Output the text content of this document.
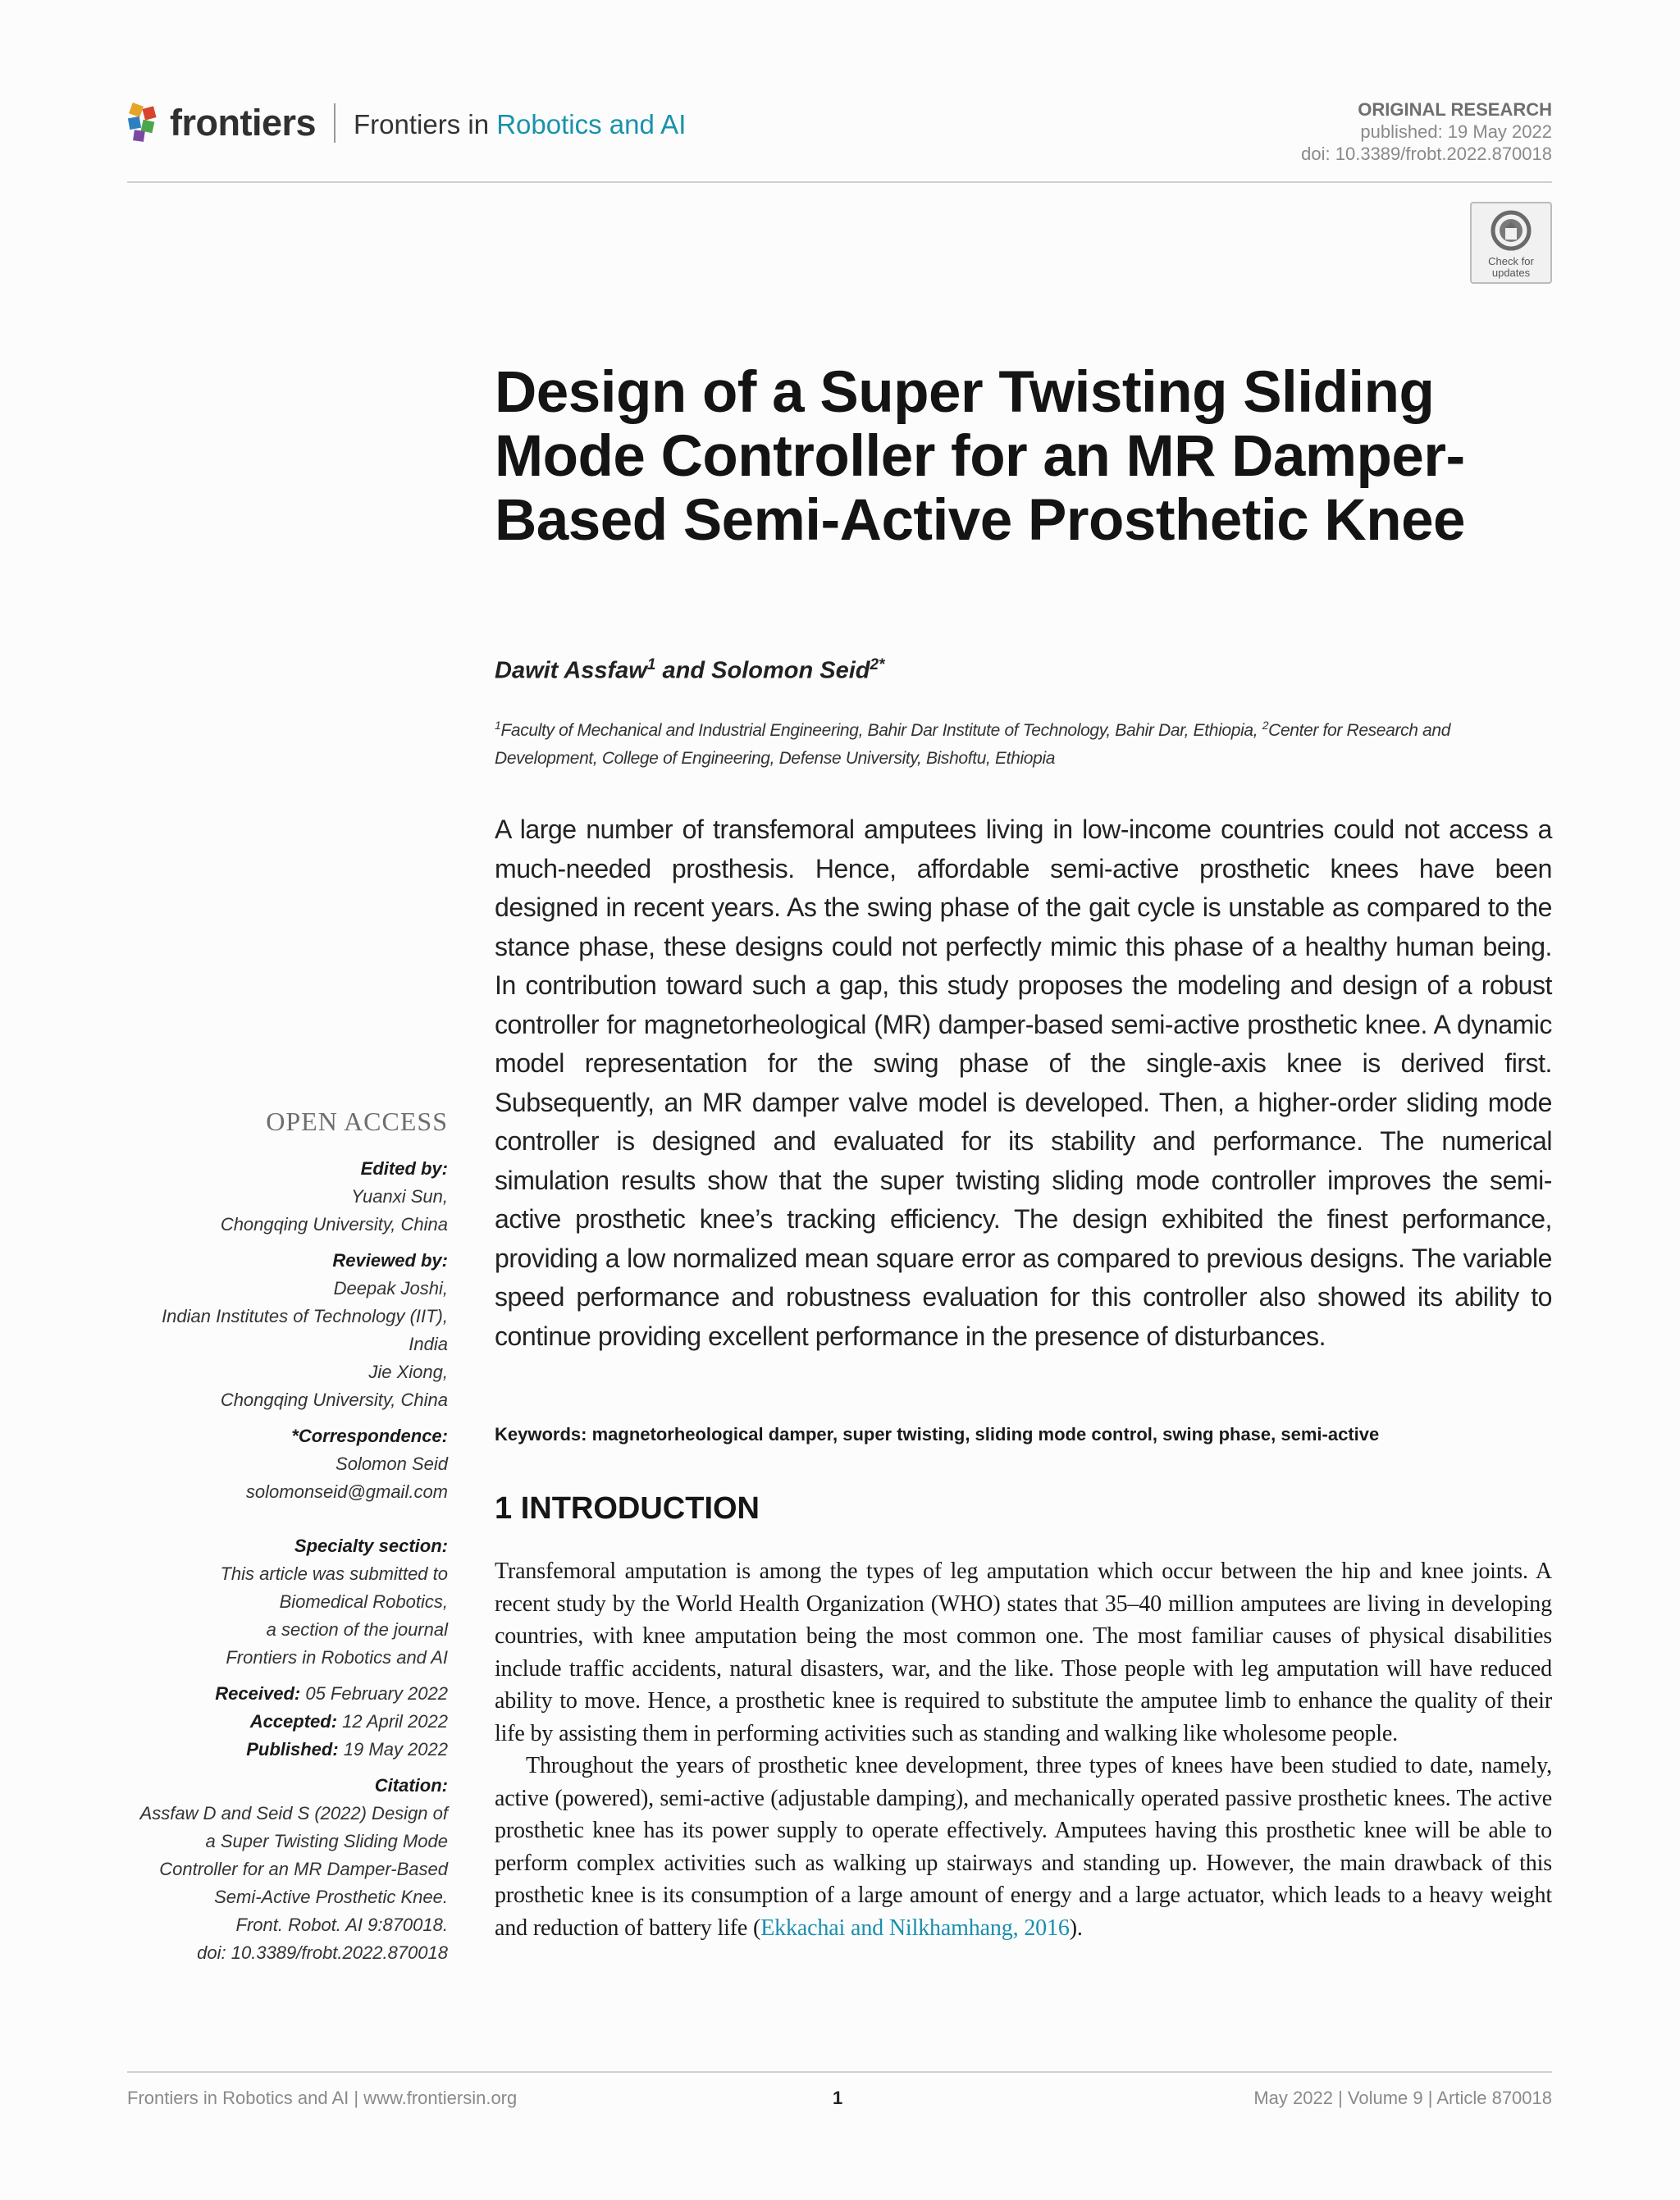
frontiers Frontiers in Robotics and AI	ORIGINAL RESEARCH
published: 19 May 2022
doi: 10.3389/frobt.2022.870018
Check for
updates
Design of a Super Twisting Sliding Mode Controller for an MR Damper-Based Semi-Active Prosthetic Knee
Dawit Assfaw$^1$ and Solomon Seid$^{2*}$
$^1$Faculty of Mechanical and Industrial Engineering, Bahir Dar Institute of Technology, Bahir Dar, Ethiopia, $^2$Center for Research and Development, College of Engineering, Defense University, Bishoftu, Ethiopia

A large number of transfemoral amputees living in low-income countries could not access a much-needed prosthesis. Hence, affordable semi-active prosthetic knees have been designed in recent years. As the swing phase of the gait cycle is unstable as compared to the stance phase, these designs could not perfectly mimic this phase of a healthy human being. In contribution toward such a gap, this study proposes the modeling and design of a robust controller for magnetorheological (MR) damper-based semi-active prosthetic knee. A dynamic model representation for the swing phase of the single-axis knee is derived first. Subsequently, an MR damper valve model is developed. Then, a higher-order sliding mode controller is designed and evaluated for its stability and performance. The numerical simulation results show that the super twisting sliding mode controller improves the semi-active prosthetic knee’s tracking efficiency. The design exhibited the finest performance, providing a low normalized mean square error as compared to previous designs. The variable speed performance and robustness evaluation for this controller also showed its ability to continue providing excellent performance in the presence of disturbances.

Keywords: magnetorheological damper, super twisting, sliding mode control, swing phase, semi-active
1 INTRODUCTION

Transfemoral amputation is among the types of leg amputation which occur between the hip and knee joints. A recent study by the World Health Organization (WHO) states that 35–40 million amputees are living in developing countries, with knee amputation being the most common one. The most familiar causes of physical disabilities include traffic accidents, natural disasters, war, and the like. Those people with leg amputation will have reduced ability to move. Hence, a prosthetic knee is required to substitute the amputee limb to enhance the quality of their life by assisting them in performing activities such as standing and walking like wholesome people.

Throughout the years of prosthetic knee development, three types of knees have been studied to date, namely, active (powered), semi-active (adjustable damping), and mechanically operated passive prosthetic knees. The active prosthetic knee has its power supply to operate effectively. Amputees having this prosthetic knee will be able to perform complex activities such as walking up stairways and standing up. However, the main drawback of this prosthetic knee is its consumption of a large amount of energy and a large actuator, which leads to a heavy weight and reduction of battery life (Ekkachai and Nilkhamhang, 2016).

OPEN ACCESS
Edited by:
Yuanxi Sun,
Chongqing University, China
Reviewed by:
Deepak Joshi,
Indian Institutes of Technology (IIT),
India
Jie Xiong,
Chongqing University, China
*Correspondence:
Solomon Seid
solomonseid@gmail.com
Specialty section:
This article was submitted to
Biomedical Robotics,
a section of the journal
Frontiers in Robotics and AI
Received: 05 February 2022
Accepted: 12 April 2022
Published: 19 May 2022
Citation:
Assfaw D and Seid S (2022) Design of
a Super Twisting Sliding Mode
Controller for an MR Damper-Based
Semi-Active Prosthetic Knee.
Front. Robot. AI 9:870018.
doi: 10.3389/frobt.2022.870018
Frontiers in Robotics and AI | www.frontiersin.org	1	May 2022 | Volume 9 | Article 870018
